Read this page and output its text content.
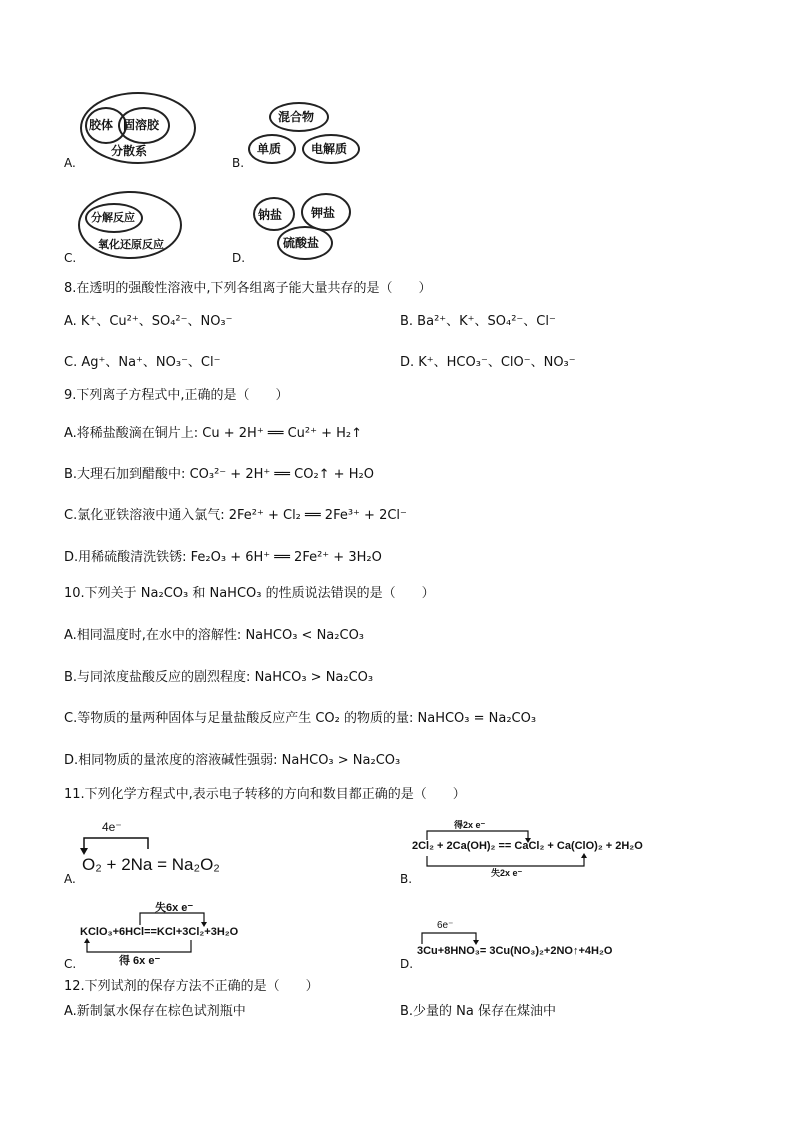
胶体 固溶胶
分散系
A.
混合物
单质 电解质
B.
分解反应
氧化还原反应
C.
钠盐 钾盐
硫酸盐
D.
8.在透明的强酸性溶液中,下列各组离子能大量共存的是（　　）
A. K⁺、Cu²⁺、SO₄²⁻、NO₃⁻	B. Ba²⁺、K⁺、SO₄²⁻、Cl⁻
C. Ag⁺、Na⁺、NO₃⁻、Cl⁻	D. K⁺、HCO₃⁻、ClO⁻、NO₃⁻
9.下列离子方程式中,正确的是（　　）
A.将稀盐酸滴在铜片上: Cu + 2H⁺ ══ Cu²⁺ + H₂↑
B.大理石加到醋酸中: CO₃²⁻ + 2H⁺ ══ CO₂↑ + H₂O
C.氯化亚铁溶液中通入氯气: 2Fe²⁺ + Cl₂ ══ 2Fe³⁺ + 2Cl⁻
D.用稀硫酸清洗铁锈: Fe₂O₃ + 6H⁺ ══ 2Fe²⁺ + 3H₂O
10.下列关于 Na₂CO₃ 和 NaHCO₃ 的性质说法错误的是（　　）
A.相同温度时,在水中的溶解性: NaHCO₃ < Na₂CO₃
B.与同浓度盐酸反应的剧烈程度: NaHCO₃ > Na₂CO₃
C.等物质的量两种固体与足量盐酸反应产生 CO₂ 的物质的量: NaHCO₃ = Na₂CO₃
D.相同物质的量浓度的溶液碱性强弱: NaHCO₃ > Na₂CO₃
11.下列化学方程式中,表示电子转移的方向和数目都正确的是（　　）
4e⁻
O₂ + 2Na = Na₂O₂
A.
得2x e⁻
2Cl₂ + 2Ca(OH)₂ == CaCl₂ + Ca(ClO)₂ + 2H₂O
失2x e⁻
B.
失6x e⁻
KClO₃+6HCl==KCl+3Cl₂+3H₂O
得 6x e⁻
C.
6e⁻
3Cu+8HNO₃= 3Cu(NO₃)₂+2NO↑+4H₂O
D.
12.下列试剂的保存方法不正确的是（　　）
A.新制氯水保存在棕色试剂瓶中	B.少量的 Na 保存在煤油中
